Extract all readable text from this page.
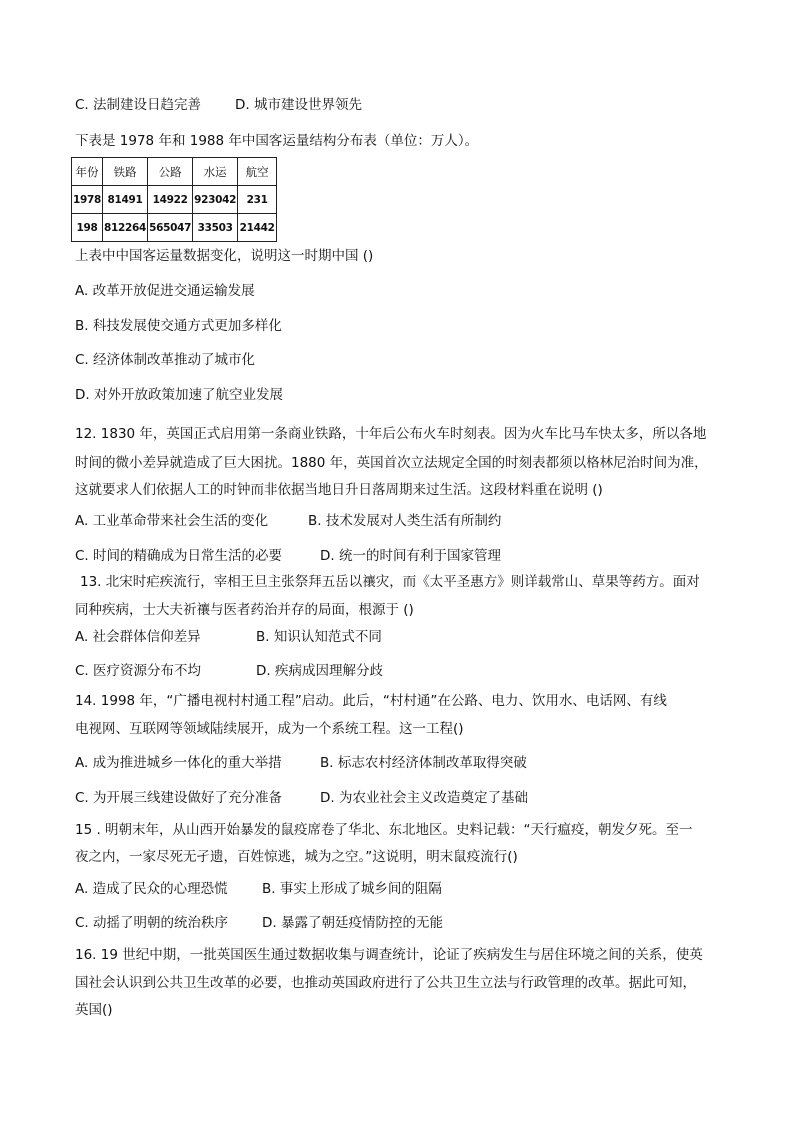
C. 法制建设日趋完善	D. 城市建设世界领先
下表是 1978 年和 1988 年中国客运量结构分布表（单位：万人）。
年份	铁路	公路	水运	航空
1978	81491	14922	923042	231
198	812264	565047	33503	21442
上表中中国客运量数据变化，说明这一时期中国 ()
A. 改革开放促进交通运输发展
B. 科技发展使交通方式更加多样化
C. 经济体制改革推动了城市化
D. 对外开放政策加速了航空业发展
12. 1830 年，英国正式启用第一条商业铁路，十年后公布火车时刻表。因为火车比马车快太多，所以各地
时间的微小差异就造成了巨大困扰。1880 年，英国首次立法规定全国的时刻表都须以格林尼治时间为准，
这就要求人们依据人工的时钟而非依据当地日升日落周期来过生活。这段材料重在说明 ()
A. 工业革命带来社会生活的变化	B. 技术发展对人类生活有所制约
C. 时间的精确成为日常生活的必要	D. 统一的时间有利于国家管理
13. 北宋时疟疾流行，宰相王旦主张祭拜五岳以禳灾，而《太平圣惠方》则详载常山、草果等药方。面对
同种疾病，士大夫祈禳与医者药治并存的局面，根源于 ()
A. 社会群体信仰差异	B. 知识认知范式不同
C. 医疗资源分布不均	D. 疾病成因理解分歧
14. 1998 年，“广播电视村村通工程”启动。此后，“村村通”在公路、电力、饮用水、电话网、有线
电视网、互联网等领域陆续展开，成为一个系统工程。这一工程()
A. 成为推进城乡一体化的重大举措	B. 标志农村经济体制改革取得突破
C. 为开展三线建设做好了充分准备	D. 为农业社会主义改造奠定了基础
15 . 明朝末年，从山西开始暴发的鼠疫席卷了华北、东北地区。史料记载：“天行瘟疫，朝发夕死。至一
夜之内，一家尽死无孑遗，百姓惊逃，城为之空。”这说明，明末鼠疫流行()
A. 造成了民众的心理恐慌	B. 事实上形成了城乡间的阻隔
C. 动摇了明朝的统治秩序	D. 暴露了朝廷疫情防控的无能
16. 19 世纪中期，一批英国医生通过数据收集与调查统计，论证了疾病发生与居住环境之间的关系，使英
国社会认识到公共卫生改革的必要，也推动英国政府进行了公共卫生立法与行政管理的改革。据此可知，
英国()
